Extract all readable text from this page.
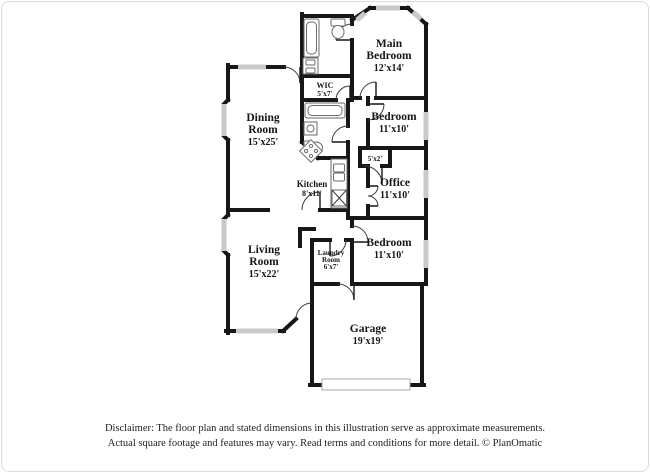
Main
Bedroom
12'x14'
Bedroom
11'x10'
5'x2'
Office
11'x10'
Bedroom
11'x10'
Dining
Room
15'x25'
Living
Room
15'x22'
Kitchen
8'x11'
WIC
5'x7'
Laundry
Room
6'x7'
Garage
19'x19'
Disclaimer: The floor plan and stated dimensions in this illustration serve as approximate measurements.
Actual square footage and features may vary. Read terms and conditions for more detail. © PlanOmatic
